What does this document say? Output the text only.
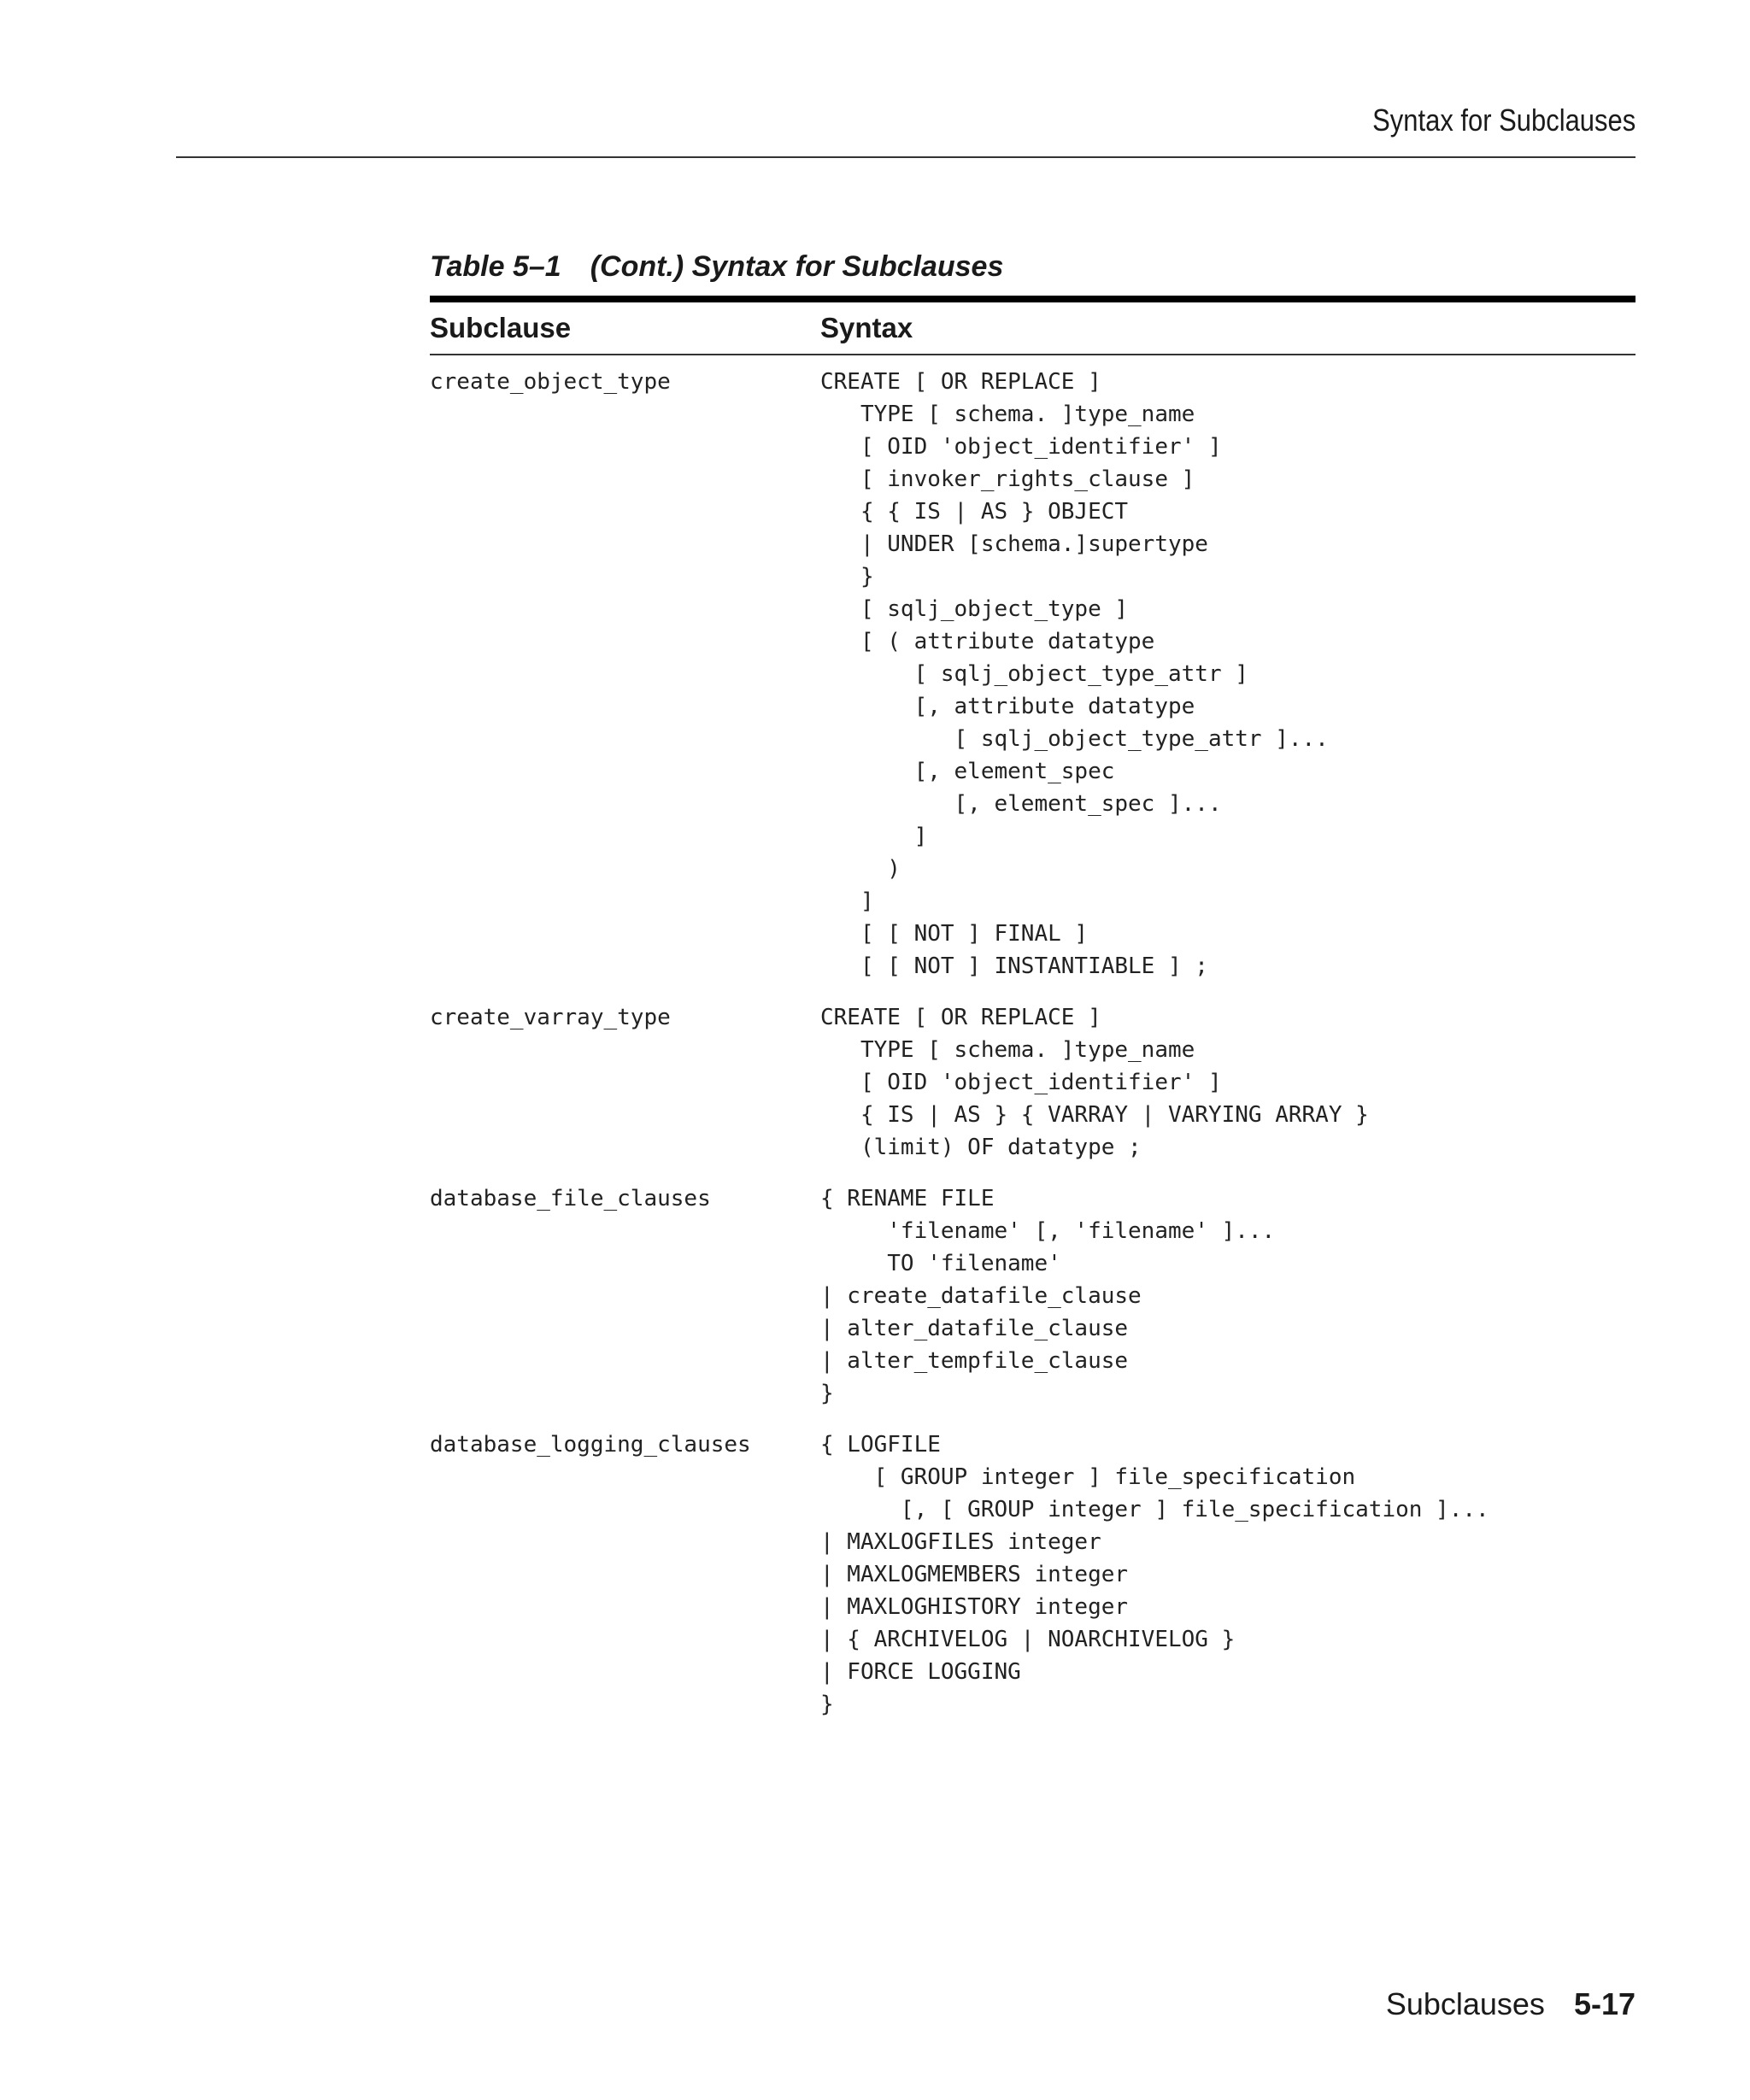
Syntax for Subclauses
Table 5–1 (Cont.) Syntax for Subclauses
Subclause	Syntax
create_object_type	CREATE [ OR REPLACE ]
TYPE [ schema. ]type_name
[ OID 'object_identifier' ]
[ invoker_rights_clause ]
{ { IS | AS } OBJECT
| UNDER [schema.]supertype
}
[ sqlj_object_type ]
[ ( attribute datatype
[ sqlj_object_type_attr ]
[, attribute datatype
[ sqlj_object_type_attr ]...
[, element_spec
[, element_spec ]...
]
)
]
[ [ NOT ] FINAL ]
[ [ NOT ] INSTANTIABLE ] ;
create_varray_type	CREATE [ OR REPLACE ]
TYPE [ schema. ]type_name
[ OID 'object_identifier' ]
{ IS | AS } { VARRAY | VARYING ARRAY }
(limit) OF datatype ;
database_file_clauses	{ RENAME FILE
'filename' [, 'filename' ]...
TO 'filename'
| create_datafile_clause
| alter_datafile_clause
| alter_tempfile_clause
}
database_logging_clauses	{ LOGFILE
[ GROUP integer ] file_specification
[, [ GROUP integer ] file_specification ]...
| MAXLOGFILES integer
| MAXLOGMEMBERS integer
| MAXLOGHISTORY integer
| { ARCHIVELOG | NOARCHIVELOG }
| FORCE LOGGING
}
Subclauses 5-17
